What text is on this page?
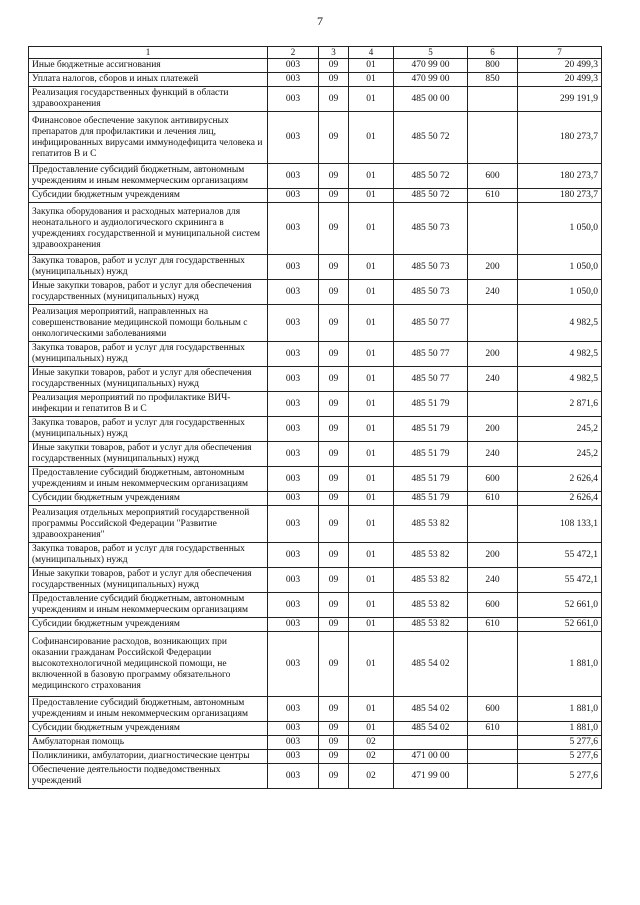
7
1	2	3	4	5	6	7
Иные бюджетные ассигнования	003	09	01	470 99 00	800	20 499,3
Уплата налогов, сборов и иных платежей	003	09	01	470 99 00	850	20 499,3
Реализация государственных функций в области здравоохранения	003	09	01	485 00 00		299 191,9
Финансовое обеспечение закупок антивирусных препаратов для профилактики и лечения лиц, инфицированных вирусами иммунодефицита человека и гепатитов В и С	003	09	01	485 50 72		180 273,7
Предоставление субсидий бюджетным, автономным учреждениям и иным некоммерческим организациям	003	09	01	485 50 72	600	180 273,7
Субсидии бюджетным учреждениям	003	09	01	485 50 72	610	180 273,7
Закупка оборудования и расходных материалов для неонатального и аудиологического скрининга в учреждениях государственной и муниципальной систем здравоохранения	003	09	01	485 50 73		1 050,0
Закупка товаров, работ и услуг для государственных (муниципальных) нужд	003	09	01	485 50 73	200	1 050,0
Иные закупки товаров, работ и услуг для обеспечения государственных (муниципальных) нужд	003	09	01	485 50 73	240	1 050,0
Реализация мероприятий, направленных на совершенствование медицинской помощи больным с онкологическими заболеваниями	003	09	01	485 50 77		4 982,5
Закупка товаров, работ и услуг для государственных (муниципальных) нужд	003	09	01	485 50 77	200	4 982,5
Иные закупки товаров, работ и услуг для обеспечения государственных (муниципальных) нужд	003	09	01	485 50 77	240	4 982,5
Реализация мероприятий по профилактике ВИЧ-инфекции и гепатитов В и С	003	09	01	485 51 79		2 871,6
Закупка товаров, работ и услуг для государственных (муниципальных) нужд	003	09	01	485 51 79	200	245,2
Иные закупки товаров, работ и услуг для обеспечения государственных (муниципальных) нужд	003	09	01	485 51 79	240	245,2
Предоставление субсидий бюджетным, автономным учреждениям и иным некоммерческим организациям	003	09	01	485 51 79	600	2 626,4
Субсидии бюджетным учреждениям	003	09	01	485 51 79	610	2 626,4
Реализация отдельных мероприятий государственной программы Российской Федерации "Развитие здравоохранения"	003	09	01	485 53 82		108 133,1
Закупка товаров, работ и услуг для государственных (муниципальных) нужд	003	09	01	485 53 82	200	55 472,1
Иные закупки товаров, работ и услуг для обеспечения государственных (муниципальных) нужд	003	09	01	485 53 82	240	55 472,1
Предоставление субсидий бюджетным, автономным учреждениям и иным некоммерческим организациям	003	09	01	485 53 82	600	52 661,0
Субсидии бюджетным учреждениям	003	09	01	485 53 82	610	52 661,0
Софинансирование расходов, возникающих при оказании гражданам Российской Федерации высокотехнологичной медицинской помощи, не включенной в базовую программу обязательного медицинского страхования	003	09	01	485 54 02		1 881,0
Предоставление субсидий бюджетным, автономным учреждениям и иным некоммерческим организациям	003	09	01	485 54 02	600	1 881,0
Субсидии бюджетным учреждениям	003	09	01	485 54 02	610	1 881,0
Амбулаторная помощь	003	09	02			5 277,6
Поликлиники, амбулатории, диагностические центры	003	09	02	471 00 00		5 277,6
Обеспечение деятельности подведомственных учреждений	003	09	02	471 99 00		5 277,6
